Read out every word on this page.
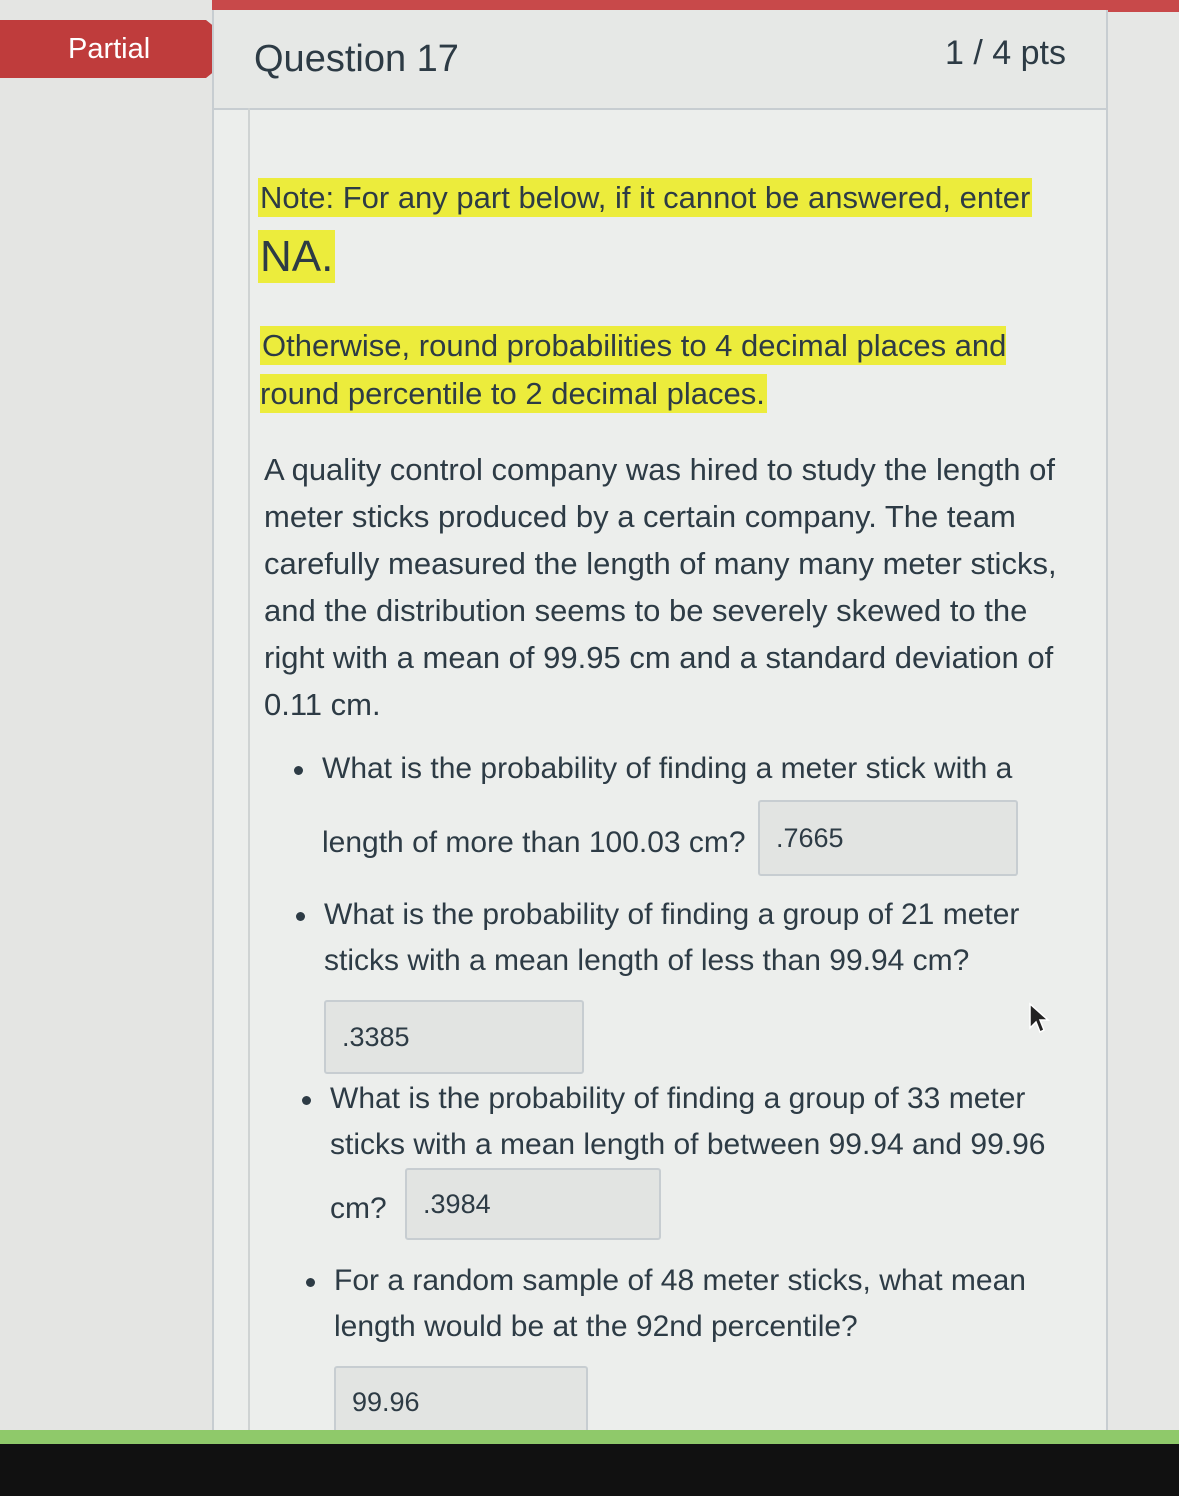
Partial	Question 17	1 / 4 pts
Note: For any part below, if it cannot be answered, enter
NA.
Otherwise, round probabilities to 4 decimal places and round percentile to 2 decimal places.
A quality control company was hired to study the length of meter sticks produced by a certain company. The team carefully measured the length of many many meter sticks, and the distribution seems to be severely skewed to the right with a mean of 99.95 cm and a standard deviation of 0.11 cm.
What is the probability of finding a meter stick with a
length of more than 100.03 cm? .7665
What is the probability of finding a group of 21 meter
sticks with a mean length of less than 99.94 cm?
.3385
What is the probability of finding a group of 33 meter
sticks with a mean length of between 99.94 and 99.96
cm? .3984
For a random sample of 48 meter sticks, what mean
length would be at the 92nd percentile?
99.96
